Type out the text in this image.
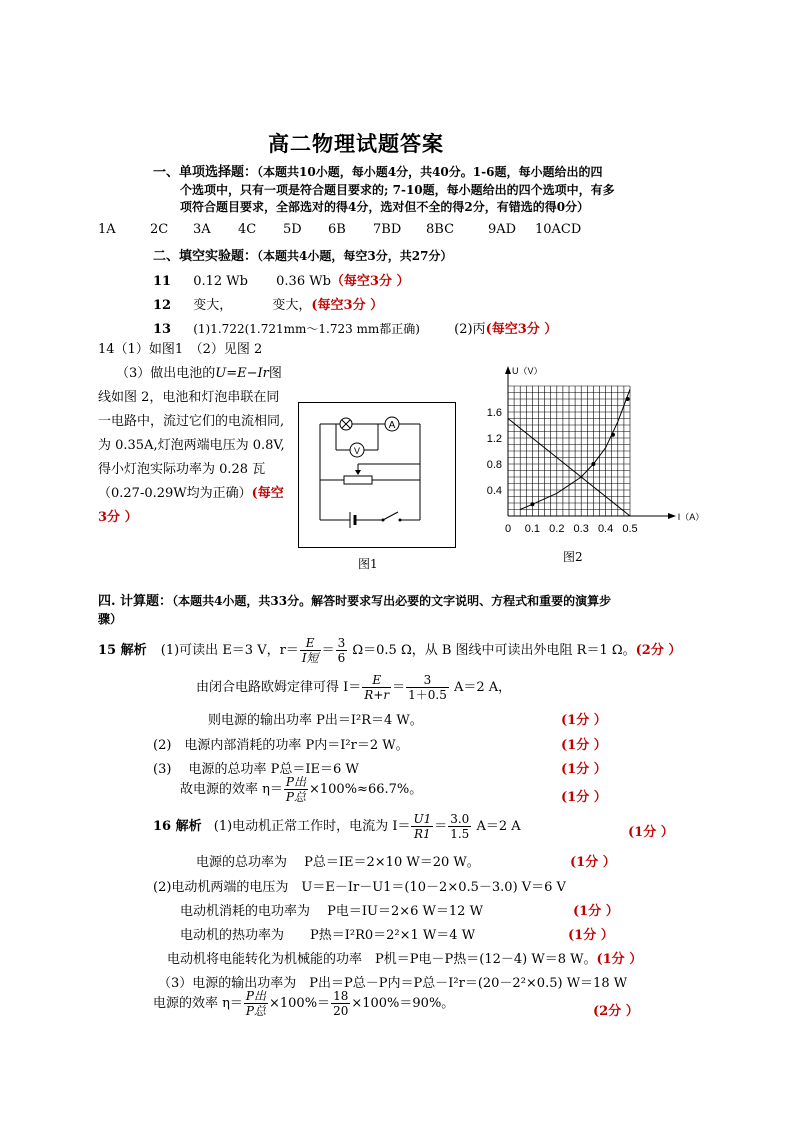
高二物理试题答案
一、单项选择题：（本题共10小题，每小题4分，共40分。1-6题，每小题给出的四
个选项中，只有一项是符合题目要求的; 7-10题，每小题给出的四个选项中，有多
项符合题目要求，全部选对的得4分，选对但不全的得2分，有错选的得0分）
1A	2C 3A 4C 5D 6B 7BD 8BC	9AD 10ACD
二、填空实验题：（本题共4小题，每空3分，共27分）
11 0.12 Wb 0.36 Wb（每空3分 ）
12 变大，	变大，(每空3分 ）
13 (1)1.722(1.721mm～1.723 mm都正确)	(2)丙(每空3分 ）
14（1）如图1　（2）见图 2
（3）做出电池的U=E−Ir图线如图 2，电池和灯泡串联在同一电路中，流过它们的电流相同,为 0.35A,灯泡两端电压为 0.8V,得小灯泡实际功率为 0.28 瓦（0.27-0.29W均为正确）(每空3分 ）
A
V
图1
0 0.1 0.2 0.3 0.4 0.5
0.4
0.8
1.2
1.6
I（A）
U（V）
图2
四. 计算题：（本题共4小题，共33分。解答时要求写出必要的文字说明、方程式和重要的演算步
骤）
15 解析 (1)可读出 E＝3 V，$r= \frac{E}{\text{I短}} = \frac{3}{6} \Omega=0.5$ Ω，从 B 图线中可读出外电阻 R＝1 Ω。(2分 ）
由闭合电路欧姆定律可得 $I= \frac{E}{R+r} = \frac{3}{1+0.5} A=2$ A，
则电源的输出功率 P出＝I²R＝4 W。	(1分 ）
(2)　电源内部消耗的功率 P内＝I²r＝2 W。	(1分 ）
(3)　 电源的总功率 P总＝IE＝6 W	(1分 ）
故电源的效率 $\eta= \frac{\text{P出}}{\text{P总}} \times 100\%\approx 66.7\%$。
(1分 ）
16 解析 (1)电动机正常工作时，电流为 $I= \frac{U1}{R1} = \frac{3.0}{1.5} A=2$ A	(1分 ）
电源的总功率为　 P总＝IE＝2×10 W＝20 W。	(1分 ）
(2)电动机两端的电压为　U＝E－Ir－U1＝(10－2×0.5－3.0) V＝6 V
电动机消耗的电功率为　 P电＝IU＝2×6 W＝12 W	(1分 ）
电动机的热功率为　　P热＝I²R0＝2²×1 W＝4 W	(1分 ）
电动机将电能转化为机械能的功率　P机＝P电－P热＝(12－4) W＝8 W。(1分 ）
（3）电源的输出功率为　P出＝P总－P内＝P总－I²r＝(20－2²×0.5) W＝18 W
电源的效率 $\eta= \frac{\text{P出}}{\text{P总}} \times 100\%= \frac{18}{20} \times 100\%=90\%$。
(2分 ）
